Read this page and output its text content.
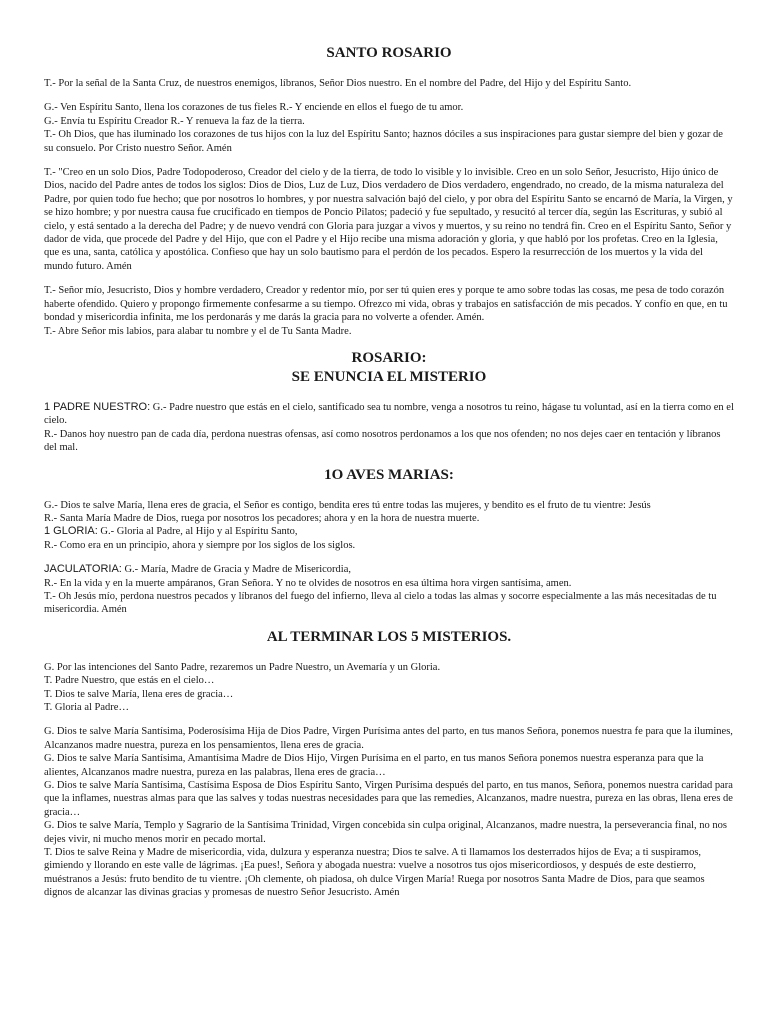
SANTO ROSARIO

T.- Por la señal de la Santa Cruz, de nuestros enemigos, líbranos, Señor Dios nuestro. En el nombre del Padre, del Hijo y del Espíritu Santo.

G.- Ven Espíritu Santo, llena los corazones de tus fieles R.- Y enciende en ellos el fuego de tu amor.

G.- Envía tu Espíritu Creador R.- Y renueva la faz de la tierra.

T.- Oh Dios, que has iluminado los corazones de tus hijos con la luz del Espíritu Santo; haznos dóciles a sus inspiraciones para gustar siempre del bien y gozar de su consuelo. Por Cristo nuestro Señor. Amén

T.- "Creo en un solo Dios, Padre Todopoderoso, Creador del cielo y de la tierra, de todo lo visible y lo invisible. Creo en un solo Señor, Jesucristo, Hijo único de Dios, nacido del Padre antes de todos los siglos: Dios de Dios, Luz de Luz, Dios verdadero de Dios verdadero, engendrado, no creado, de la misma naturaleza del Padre, por quien todo fue hecho; que por nosotros lo hombres, y por nuestra salvación bajó del cielo, y por obra del Espíritu Santo se encarnó de María, la Virgen, y se hizo hombre; y por nuestra causa fue crucificado en tiempos de Poncio Pilatos; padeció y fue sepultado, y resucitó al tercer día, según las Escrituras, y subió al cielo, y está sentado a la derecha del Padre; y de nuevo vendrá con Gloria para juzgar a vivos y muertos, y su reino no tendrá fin. Creo en el Espíritu Santo, Señor y dador de vida, que procede del Padre y del Hijo, que con el Padre y el Hijo recibe una misma adoración y gloria, y que habló por los profetas. Creo en la Iglesia, que es una, santa, católica y apostólica. Confieso que hay un solo bautismo para el perdón de los pecados. Espero la resurrección de los muertos y la vida del mundo futuro. Amén

T.- Señor mío, Jesucristo, Dios y hombre verdadero, Creador y redentor mío, por ser tú quien eres y porque te amo sobre todas las cosas, me pesa de todo corazón haberte ofendido. Quiero y propongo firmemente confesarme a su tiempo. Ofrezco mi vida, obras y trabajos en satisfacción de mis pecados. Y confío en que, en tu bondad y misericordia infinita, me los perdonarás y me darás la gracia para no volverte a ofender. Amén.

T.- Abre Señor mis labios, para alabar tu nombre y el de Tu Santa Madre.

ROSARIO:
SE ENUNCIA EL MISTERIO

1 PADRE NUESTRO: G.- Padre nuestro que estás en el cielo, santificado sea tu nombre, venga a nosotros tu reino, hágase tu voluntad, así en la tierra como en el cielo.

R.- Danos hoy nuestro pan de cada día, perdona nuestras ofensas, así como nosotros perdonamos a los que nos ofenden; no nos dejes caer en tentación y líbranos del mal.

1O AVES MARIAS:

G.- Dios te salve María, llena eres de gracia, el Señor es contigo, bendita eres tú entre todas las mujeres, y bendito es el fruto de tu vientre: Jesús

R.- Santa María Madre de Dios, ruega por nosotros los pecadores; ahora y en la hora de nuestra muerte.

1 GLORIA: G.- Gloria al Padre, al Hijo y al Espíritu Santo,

R.- Como era en un principio, ahora y siempre por los siglos de los siglos.

JACULATORIA: G.- María, Madre de Gracia y Madre de Misericordia,

R.- En la vida y en la muerte ampáranos, Gran Señora. Y no te olvides de nosotros en esa última hora virgen santísima, amen.

T.- Oh Jesús mío, perdona nuestros pecados y líbranos del fuego del infierno, lleva al cielo a todas las almas y socorre especialmente a las más necesitadas de tu misericordia. Amén

AL TERMINAR LOS 5 MISTERIOS.

G. Por las intenciones del Santo Padre, rezaremos un Padre Nuestro, un Avemaría y un Gloria.

T. Padre Nuestro, que estás en el cielo…

T. Dios te salve María, llena eres de gracia…

T. Gloria al Padre…

G. Dios te salve María Santísima, Poderosísima Hija de Dios Padre, Virgen Purísima antes del parto, en tus manos Señora, ponemos nuestra fe para que la ilumines, Alcanzanos madre nuestra, pureza en los pensamientos, llena eres de gracia.

G. Dios te salve María Santísima, Amantísima Madre de Dios Hijo, Virgen Purísima en el parto, en tus manos Señora ponemos nuestra esperanza para que la alientes, Alcanzanos madre nuestra, pureza en las palabras, llena eres de gracia…

G. Dios te salve María Santísima, Castísima Esposa de Dios Espíritu Santo, Virgen Purísima después del parto, en tus manos, Señora, ponemos nuestra caridad para que la inflames, nuestras almas para que las salves y todas nuestras necesidades para que las remedies, Alcanzanos, madre nuestra, pureza en las obras, llena eres de gracia…

G. Dios te salve María, Templo y Sagrario de la Santísima Trinidad, Virgen concebida sin culpa original, Alcanzanos, madre nuestra, la perseverancia final, no nos dejes vivir, ni mucho menos morir en pecado mortal.

T. Dios te salve Reina y Madre de misericordia, vida, dulzura y esperanza nuestra; Dios te salve. A ti llamamos los desterrados hijos de Eva; a ti suspiramos, gimiendo y llorando en este valle de lágrimas. ¡Ea pues!, Señora y abogada nuestra: vuelve a nosotros tus ojos misericordiosos, y después de este destierro, muéstranos a Jesús: fruto bendito de tu vientre. ¡Oh clemente, oh piadosa, oh dulce Virgen María! Ruega por nosotros Santa Madre de Dios, para que seamos dignos de alcanzar las divinas gracias y promesas de nuestro Señor Jesucristo. Amén
